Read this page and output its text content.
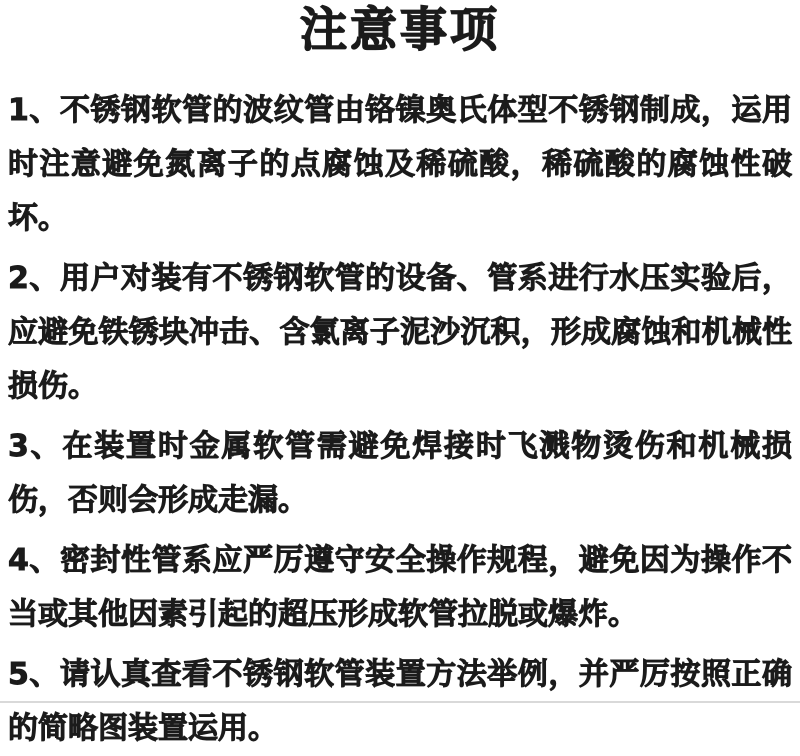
注意事项

1、不锈钢软管的波纹管由铬镍奥氏体型不锈钢制成，运用时注意避免氮离子的点腐蚀及稀硫酸，稀硫酸的腐蚀性破坏。

2、用户对装有不锈钢软管的设备、管系进行水压实验后，应避免铁锈块冲击、含氯离子泥沙沉积，形成腐蚀和机械性损伤。

3、在装置时金属软管需避免焊接时飞溅物烫伤和机械损伤，否则会形成走漏。

4、密封性管系应严厉遵守安全操作规程，避免因为操作不当或其他因素引起的超压形成软管拉脱或爆炸。

5、请认真查看不锈钢软管装置方法举例，并严厉按照正确的简略图装置运用。
